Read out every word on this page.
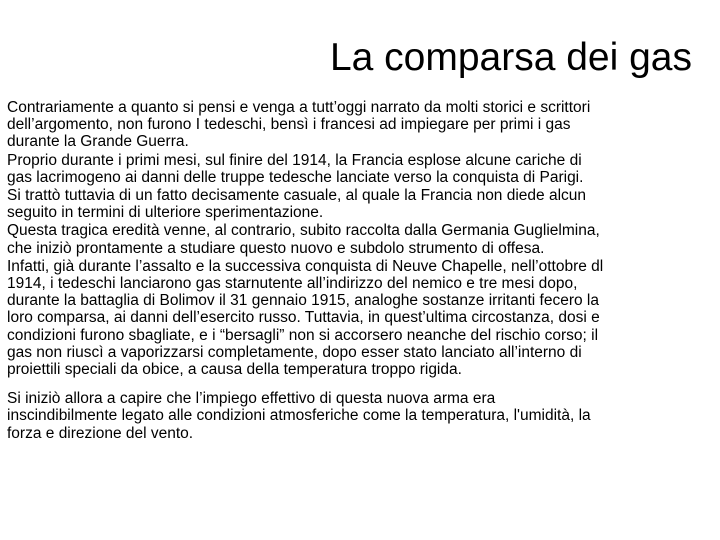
La comparsa dei gas

Contrariamente a quanto si pensi e venga a tutt’oggi narrato da molti storici e scrittori dell’argomento, non furono I tedeschi, bensì i francesi ad impiegare per primi i gas durante la Grande Guerra.

Proprio durante i primi mesi, sul finire del 1914, la Francia esplose alcune cariche di gas lacrimogeno ai danni delle truppe tedesche lanciate verso la conquista di Parigi.

Si trattò tuttavia di un fatto decisamente casuale, al quale la Francia non diede alcun seguito in termini di ulteriore sperimentazione.

Questa tragica eredità venne, al contrario, subito raccolta dalla Germania Guglielmina, che iniziò prontamente a studiare questo nuovo e subdolo strumento di offesa.

Infatti, già durante l’assalto e la successiva conquista di Neuve Chapelle, nell’ottobre dl 1914, i tedeschi lanciarono gas starnutente all’indirizzo del nemico e tre mesi dopo, durante la battaglia di Bolimov il 31 gennaio 1915, analoghe sostanze irritanti fecero la loro comparsa, ai danni dell’esercito russo. Tuttavia, in quest’ultima circostanza, dosi e condizioni furono sbagliate, e i “bersagli” non si accorsero neanche del rischio corso; il gas non riuscì a vaporizzarsi completamente, dopo esser stato lanciato all’interno di proiettili speciali da obice, a causa della temperatura troppo rigida.

Si iniziò allora a capire che l’impiego effettivo di questa nuova arma era inscindibilmente legato alle condizioni atmosferiche come la temperatura, l'umidità, la forza e direzione del vento.
